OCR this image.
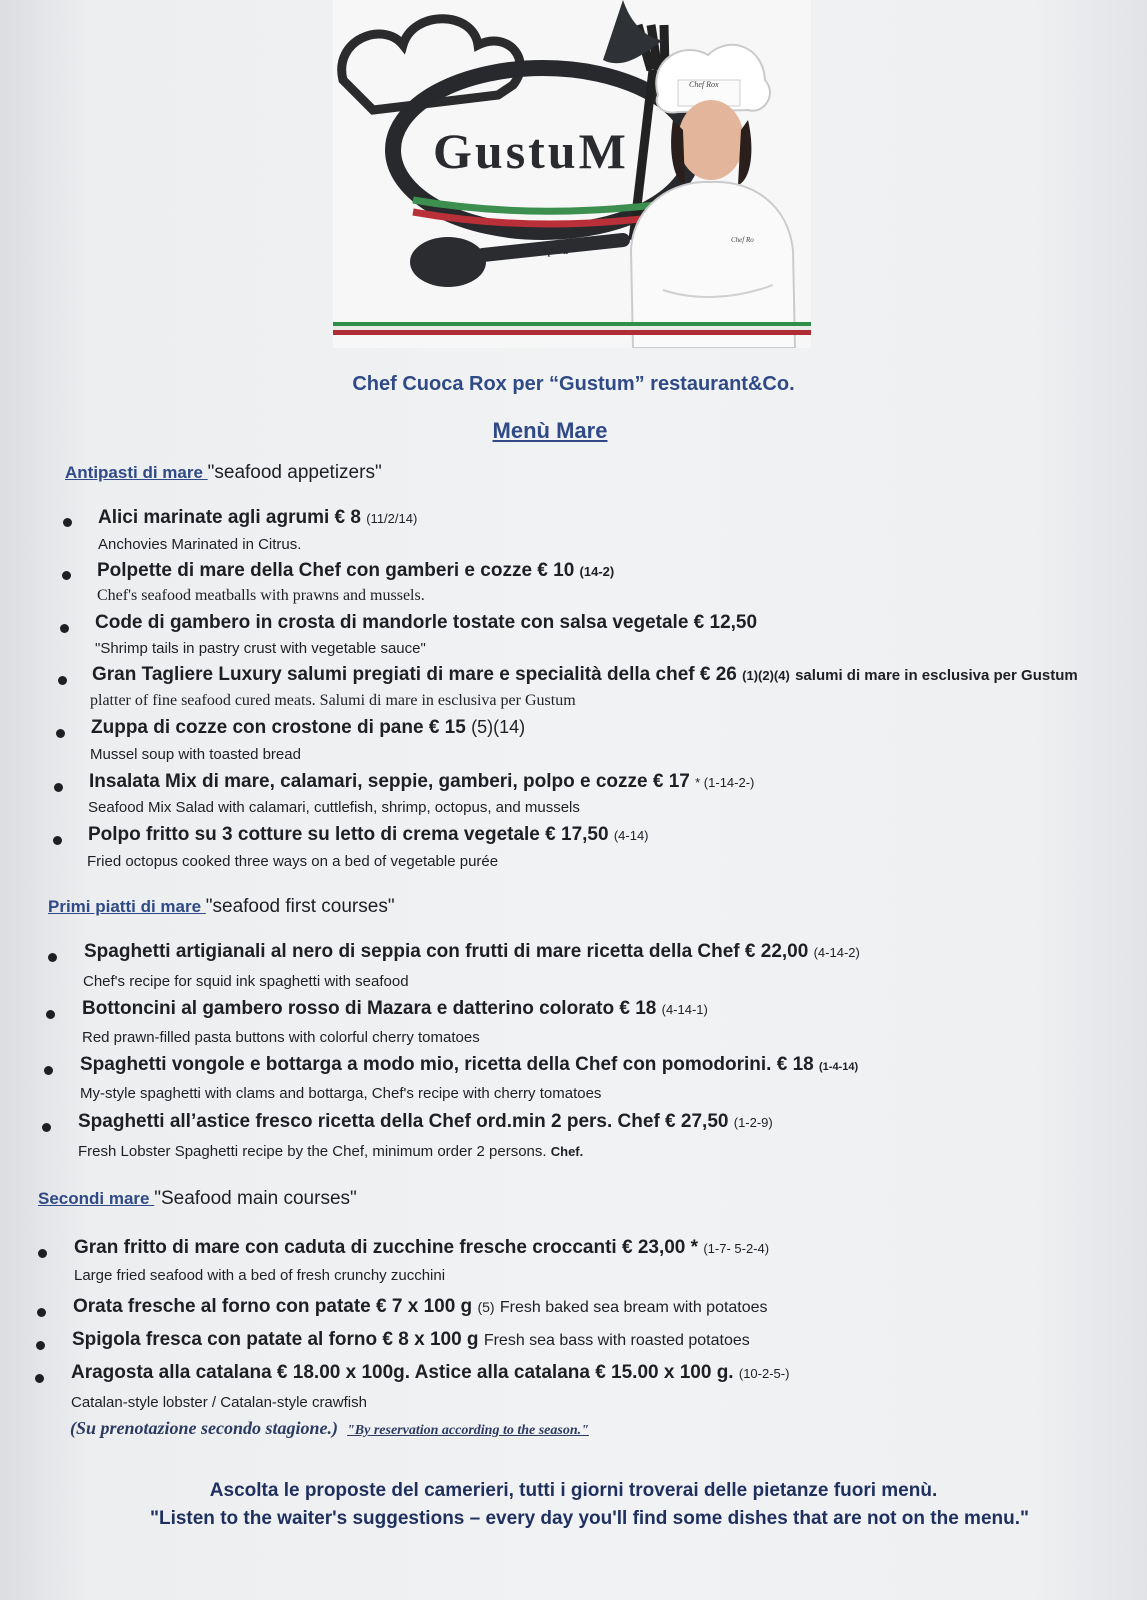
GustuM
Top Ou
Chef Rox
Chef Ro
Chef Cuoca Rox per “Gustum” restaurant&Co.
Menù Mare
Antipasti di mare "seafood appetizers"
Alici marinate agli agrumi € 8 (11/2/14)
Anchovies Marinated in Citrus.
Polpette di mare della Chef con gamberi e cozze € 10 (14-2)
Chef's seafood meatballs with prawns and mussels.
Code di gambero in crosta di mandorle tostate con salsa vegetale € 12,50
"Shrimp tails in pastry crust with vegetable sauce"
Gran Tagliere Luxury salumi pregiati di mare e specialità della chef € 26 (1)(2)(4) salumi di mare in esclusiva per Gustum
platter of fine seafood cured meats. Salumi di mare in esclusiva per Gustum
Zuppa di cozze con crostone di pane € 15 (5)(14)
Mussel soup with toasted bread
Insalata Mix di mare, calamari, seppie, gamberi, polpo e cozze € 17 * (1-14-2-)
Seafood Mix Salad with calamari, cuttlefish, shrimp, octopus, and mussels
Polpo fritto su 3 cotture su letto di crema vegetale € 17,50 (4-14)
Fried octopus cooked three ways on a bed of vegetable purée
Primi piatti di mare "seafood first courses"
Spaghetti artigianali al nero di seppia con frutti di mare ricetta della Chef € 22,00 (4-14-2)
Chef's recipe for squid ink spaghetti with seafood
Bottoncini al gambero rosso di Mazara e datterino colorato € 18 (4-14-1)
Red prawn-filled pasta buttons with colorful cherry tomatoes
Spaghetti vongole e bottarga a modo mio, ricetta della Chef con pomodorini. € 18 (1-4-14)
My-style spaghetti with clams and bottarga, Chef's recipe with cherry tomatoes
Spaghetti all’astice fresco ricetta della Chef ord.min 2 pers. Chef € 27,50 (1-2-9)
Fresh Lobster Spaghetti recipe by the Chef, minimum order 2 persons. Chef.
Secondi mare "Seafood main courses"
Gran fritto di mare con caduta di zucchine fresche croccanti € 23,00 * (1-7- 5-2-4)
Large fried seafood with a bed of fresh crunchy zucchini
Orata fresche al forno con patate € 7 x 100 g (5) Fresh baked sea bream with potatoes
Spigola fresca con patate al forno € 8 x 100 g Fresh sea bass with roasted potatoes
Aragosta alla catalana € 18.00 x 100g. Astice alla catalana € 15.00 x 100 g. (10-2-5-)
Catalan-style lobster / Catalan-style crawfish
(Su prenotazione secondo stagione.) "By reservation according to the season."
Ascolta le proposte del camerieri, tutti i giorni troverai delle pietanze fuori menù.
"Listen to the waiter's suggestions – every day you'll find some dishes that are not on the menu."
